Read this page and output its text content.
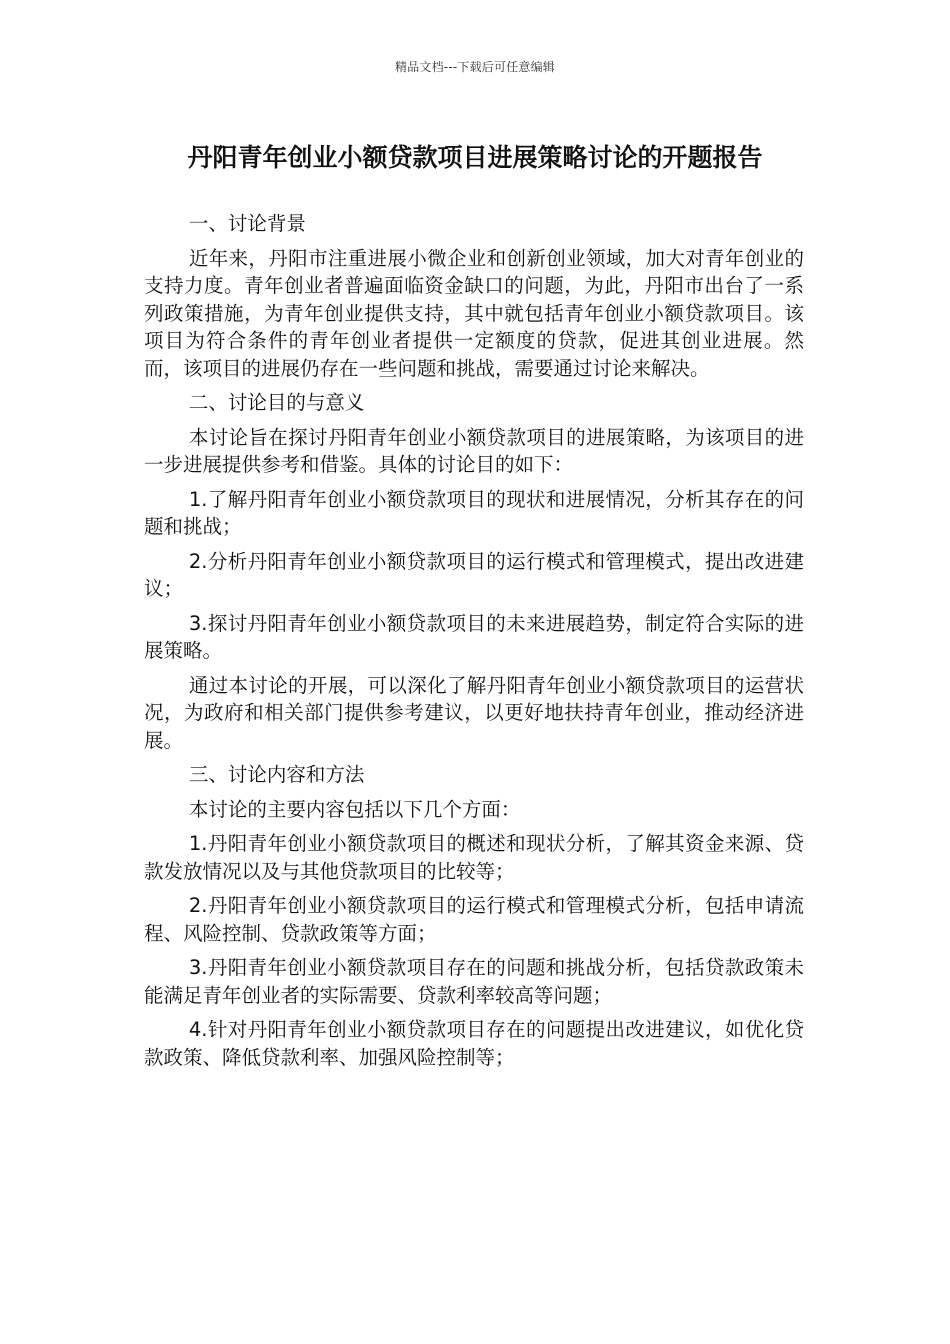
精品文档---下载后可任意编辑
丹阳青年创业小额贷款项目进展策略讨论的开题报告

一、讨论背景

近年来，丹阳市注重进展小微企业和创新创业领域，加大对青年创业的支持力度。青年创业者普遍面临资金缺口的问题，为此，丹阳市出台了一系列政策措施，为青年创业提供支持，其中就包括青年创业小额贷款项目。该项目为符合条件的青年创业者提供一定额度的贷款，促进其创业进展。然而，该项目的进展仍存在一些问题和挑战，需要通过讨论来解决。

二、讨论目的与意义

本讨论旨在探讨丹阳青年创业小额贷款项目的进展策略，为该项目的进一步进展提供参考和借鉴。具体的讨论目的如下：

1.了解丹阳青年创业小额贷款项目的现状和进展情况，分析其存在的问题和挑战；

2.分析丹阳青年创业小额贷款项目的运行模式和管理模式，提出改进建议；

3.探讨丹阳青年创业小额贷款项目的未来进展趋势，制定符合实际的进展策略。

通过本讨论的开展，可以深化了解丹阳青年创业小额贷款项目的运营状况，为政府和相关部门提供参考建议，以更好地扶持青年创业，推动经济进展。

三、讨论内容和方法

本讨论的主要内容包括以下几个方面：

1.丹阳青年创业小额贷款项目的概述和现状分析，了解其资金来源、贷款发放情况以及与其他贷款项目的比较等；

2.丹阳青年创业小额贷款项目的运行模式和管理模式分析，包括申请流程、风险控制、贷款政策等方面；

3.丹阳青年创业小额贷款项目存在的问题和挑战分析，包括贷款政策未能满足青年创业者的实际需要、贷款利率较高等问题；

4.针对丹阳青年创业小额贷款项目存在的问题提出改进建议，如优化贷款政策、降低贷款利率、加强风险控制等；
